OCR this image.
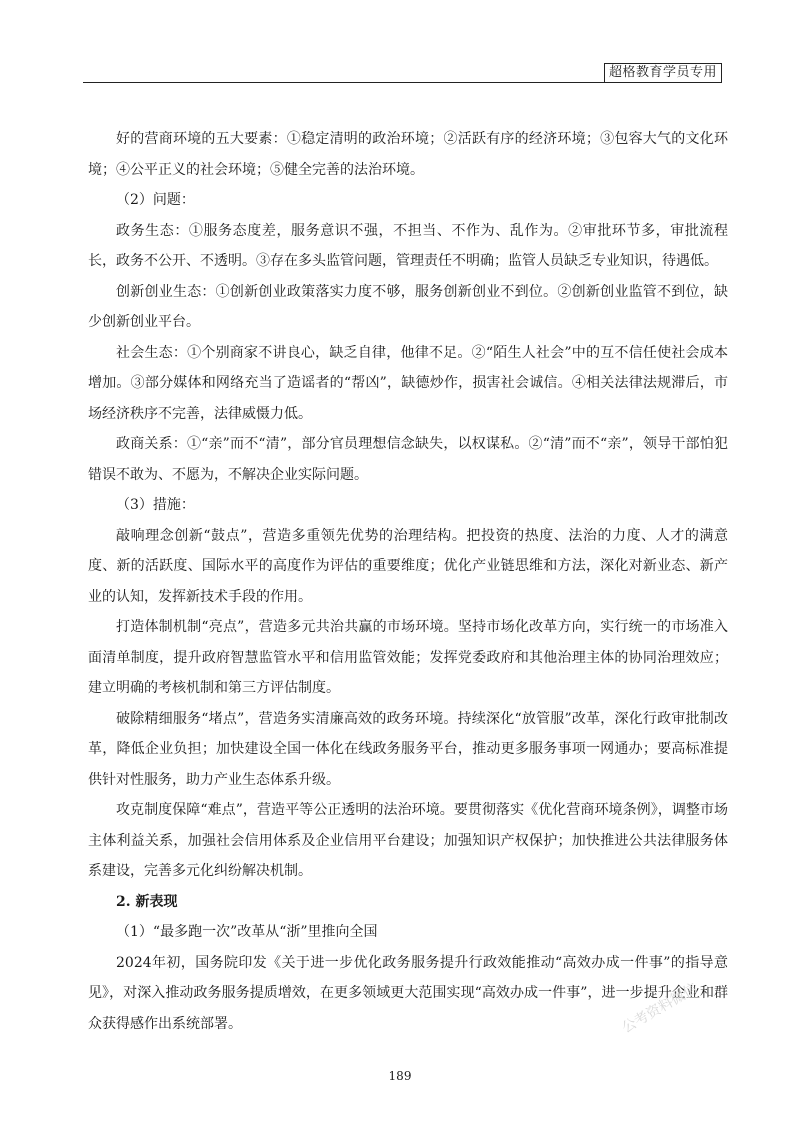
超格教育学员专用

好的营商环境的五大要素：①稳定清明的政治环境；②活跃有序的经济环境；③包容大气的文化环境；④公平正义的社会环境；⑤健全完善的法治环境。

（2）问题：

政务生态：①服务态度差，服务意识不强，不担当、不作为、乱作为。②审批环节多，审批流程长，政务不公开、不透明。③存在多头监管问题，管理责任不明确；监管人员缺乏专业知识，待遇低。

创新创业生态：①创新创业政策落实力度不够，服务创新创业不到位。②创新创业监管不到位，缺少创新创业平台。

社会生态：①个别商家不讲良心，缺乏自律，他律不足。②“陌生人社会”中的互不信任使社会成本增加。③部分媒体和网络充当了造谣者的“帮凶”，缺德炒作，损害社会诚信。④相关法律法规滞后，市场经济秩序不完善，法律威慑力低。

政商关系：①“亲”而不“清”，部分官员理想信念缺失，以权谋私。②“清”而不“亲”，领导干部怕犯错误不敢为、不愿为，不解决企业实际问题。

（3）措施：

敲响理念创新“鼓点”，营造多重领先优势的治理结构。把投资的热度、法治的力度、人才的满意度、新的活跃度、国际水平的高度作为评估的重要维度；优化产业链思维和方法，深化对新业态、新产业的认知，发挥新技术手段的作用。

打造体制机制“亮点”，营造多元共治共赢的市场环境。坚持市场化改革方向，实行统一的市场准入面清单制度，提升政府智慧监管水平和信用监管效能；发挥党委政府和其他治理主体的协同治理效应；建立明确的考核机制和第三方评估制度。

破除精细服务“堵点”，营造务实清廉高效的政务环境。持续深化“放管服”改革，深化行政审批制改革，降低企业负担；加快建设全国一体化在线政务服务平台，推动更多服务事项一网通办；要高标准提供针对性服务，助力产业生态体系升级。

攻克制度保障“难点”，营造平等公正透明的法治环境。要贯彻落实《优化营商环境条例》，调整市场主体利益关系，加强社会信用体系及企业信用平台建设；加强知识产权保护；加快推进公共法律服务体系建设，完善多元化纠纷解决机制。

2. 新表现

（1）“最多跑一次”改革从“浙”里推向全国

2024年初，国务院印发《关于进一步优化政务服务提升行政效能推动“高效办成一件事”的指导意见》，对深入推动政务服务提质增效，在更多领域更大范围实现“高效办成一件事”，进一步提升企业和群众获得感作出系统部署。	公考资料微信
189
